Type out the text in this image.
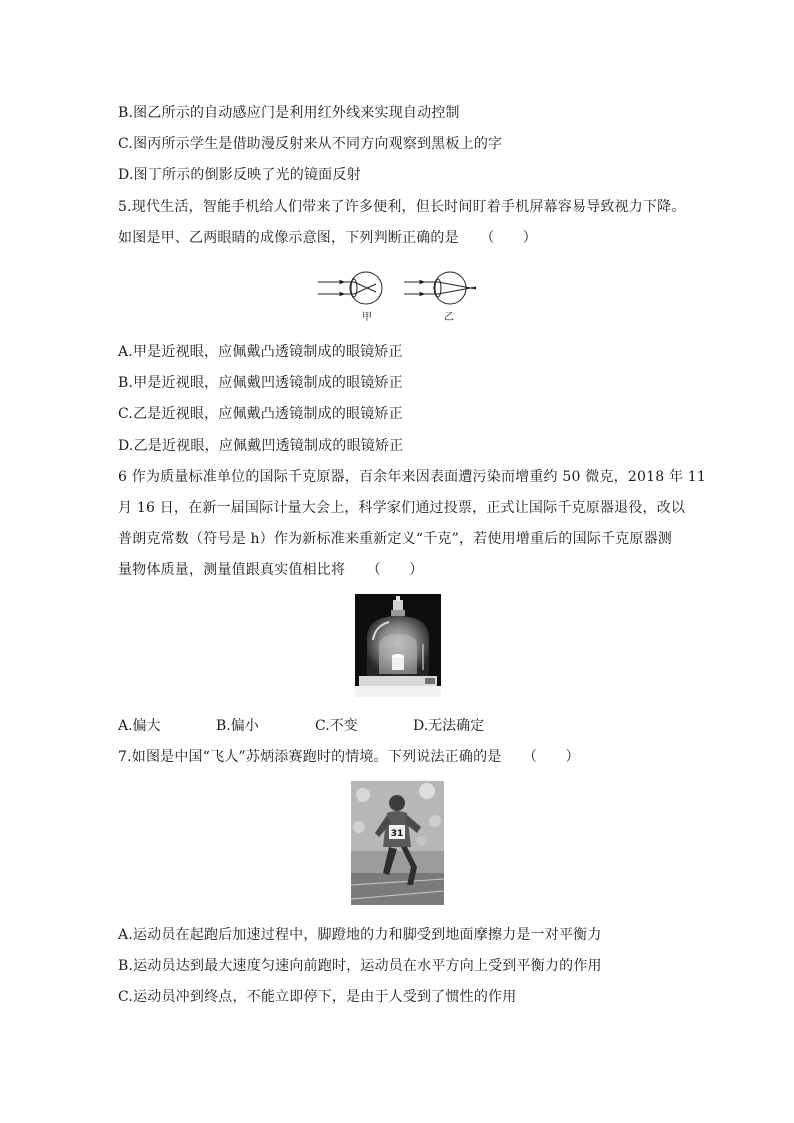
B.图乙所示的自动感应门是利用红外线来实现自动控制
C.图丙所示学生是借助漫反射来从不同方向观察到黑板上的字
D.图丁所示的倒影反映了光的镜面反射
5.现代生活，智能手机给人们带来了许多便利，但长时间盯着手机屏幕容易导致视力下降。
如图是甲、乙两眼睛的成像示意图，下列判断正确的是　　（　　）
甲	乙
A.甲是近视眼，应佩戴凸透镜制成的眼镜矫正
B.甲是近视眼，应佩戴凹透镜制成的眼镜矫正
C.乙是近视眼，应佩戴凸透镜制成的眼镜矫正
D.乙是近视眼，应佩戴凹透镜制成的眼镜矫正
6 作为质量标准单位的国际千克原器，百余年来因表面遭污染而增重约 50 微克，2018 年 11
月 16 日，在新一届国际计量大会上，科学家们通过投票，正式让国际千克原器退役，改以
普朗克常数（符号是 h）作为新标准来重新定义“千克”，若使用增重后的国际千克原器测
量物体质量，测量值跟真实值相比将　　（　　）
A.偏大	B.偏小	C.不变	D.无法确定
7.如图是中国“飞人”苏炳添赛跑时的情境。下列说法正确的是　　（　　）
31
A.运动员在起跑后加速过程中，脚蹬地的力和脚受到地面摩擦力是一对平衡力
B.运动员达到最大速度匀速向前跑时，运动员在水平方向上受到平衡力的作用
C.运动员冲到终点，不能立即停下，是由于人受到了惯性的作用
